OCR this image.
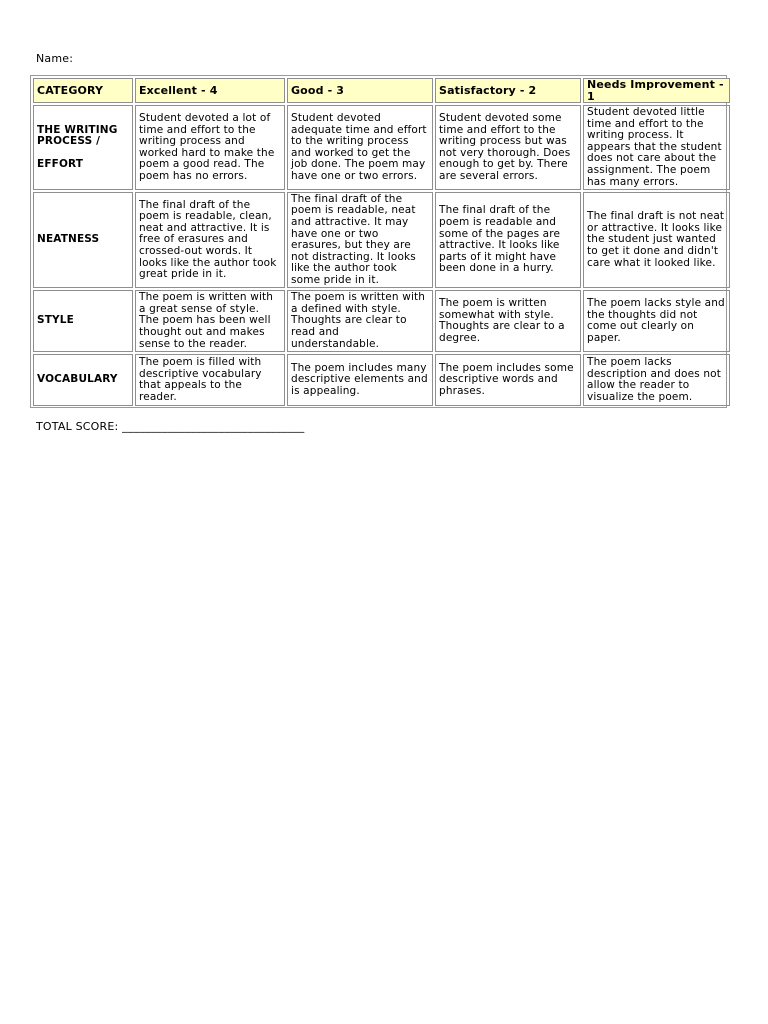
Name:
CATEGORY	Excellent - 4	Good - 3	Satisfactory - 2	Needs Improvement - 1

THE WRITING
PROCESS /
EFFORT	Student devoted a lot of time and effort to the writing process and worked hard to make the poem a good read. The poem has no errors.	Student devoted adequate time and effort to the writing process and worked to get the job done. The poem may have one or two errors.	Student devoted some time and effort to the writing process but was not very thorough. Does enough to get by. There are several errors.	Student devoted little time and effort to the writing process. It appears that the student does not care about the assignment. The poem has many errors.

NEATNESS	The final draft of the poem is readable, clean, neat and attractive. It is free of erasures and crossed-out words. It looks like the author took great pride in it.	The final draft of the poem is readable, neat and attractive. It may have one or two erasures, but they are not distracting. It looks like the author took some pride in it.	The final draft of the poem is readable and some of the pages are attractive. It looks like parts of it might have been done in a hurry.	The final draft is not neat or attractive. It looks like the student just wanted to get it done and didn't care what it looked like.

STYLE	The poem is written with a great sense of style. The poem has been well thought out and makes sense to the reader.	The poem is written with a defined with style. Thoughts are clear to read and understandable.	The poem is written somewhat with style. Thoughts are clear to a degree.	The poem lacks style and the thoughts did not come out clearly on paper.

VOCABULARY	The poem is filled with descriptive vocabulary that appeals to the reader.	The poem includes many descriptive elements and is appealing.	The poem includes some descriptive words and phrases.	The poem lacks description and does not allow the reader to visualize the poem.
TOTAL SCORE: ________________________________
